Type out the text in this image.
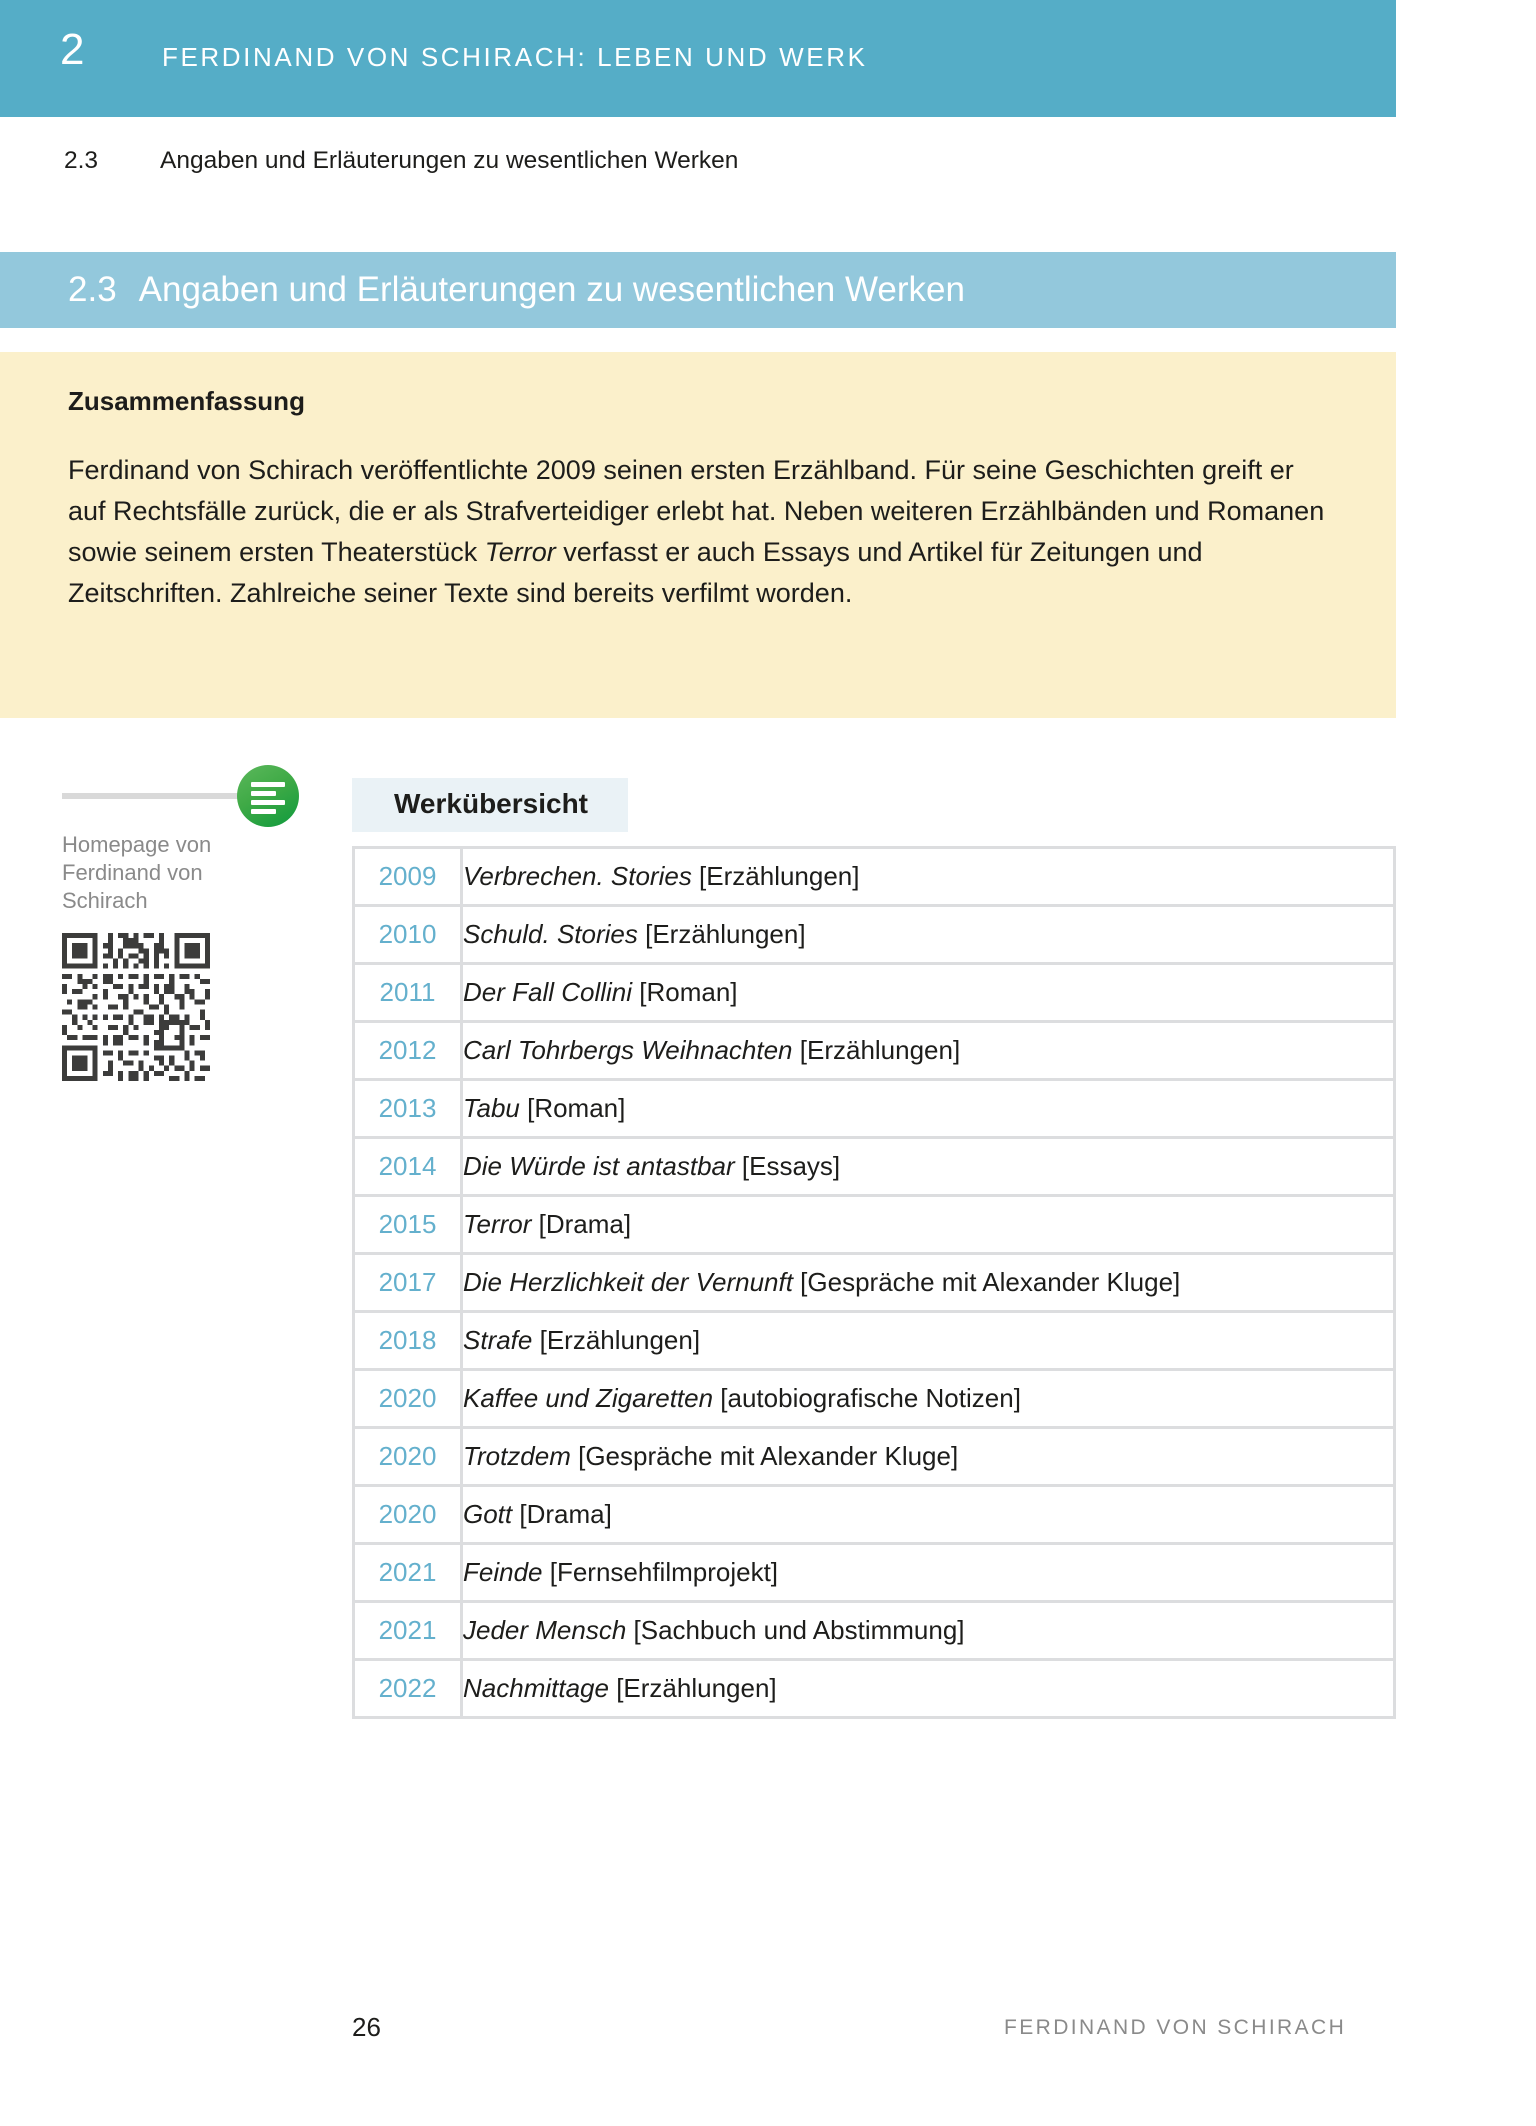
2	FERDINAND VON SCHIRACH: LEBEN UND WERK
2.3	Angaben und Erläuterungen zu wesentlichen Werken
2.3 Angaben und Erläuterungen zu wesentlichen Werken
Zusammenfassung
Ferdinand von Schirach veröffentlichte 2009 seinen ersten Erzählband. Für seine Geschichten greift er auf Rechtsfälle zurück, die er als Strafverteidiger erlebt hat. Neben weiteren Erzählbänden und Romanen sowie seinem ersten Theaterstück Terror verfasst er auch Essays und Artikel für Zeitungen und Zeitschriften. Zahlreiche seiner Texte sind bereits verfilmt worden.
Homepage von Ferdinand von Schirach
Werkübersicht
2009	Verbrechen. Stories [Erzählungen]
2010	Schuld. Stories [Erzählungen]
2011	Der Fall Collini [Roman]
2012	Carl Tohrbergs Weihnachten [Erzählungen]
2013	Tabu [Roman]
2014	Die Würde ist antastbar [Essays]
2015	Terror [Drama]
2017	Die Herzlichkeit der Vernunft [Gespräche mit Alexander Kluge]
2018	Strafe [Erzählungen]
2020	Kaffee und Zigaretten [autobiografische Notizen]
2020	Trotzdem [Gespräche mit Alexander Kluge]
2020	Gott [Drama]
2021	Feinde [Fernsehfilmprojekt]
2021	Jeder Mensch [Sachbuch und Abstimmung]
2022	Nachmittage [Erzählungen]
26	FERDINAND VON SCHIRACH
